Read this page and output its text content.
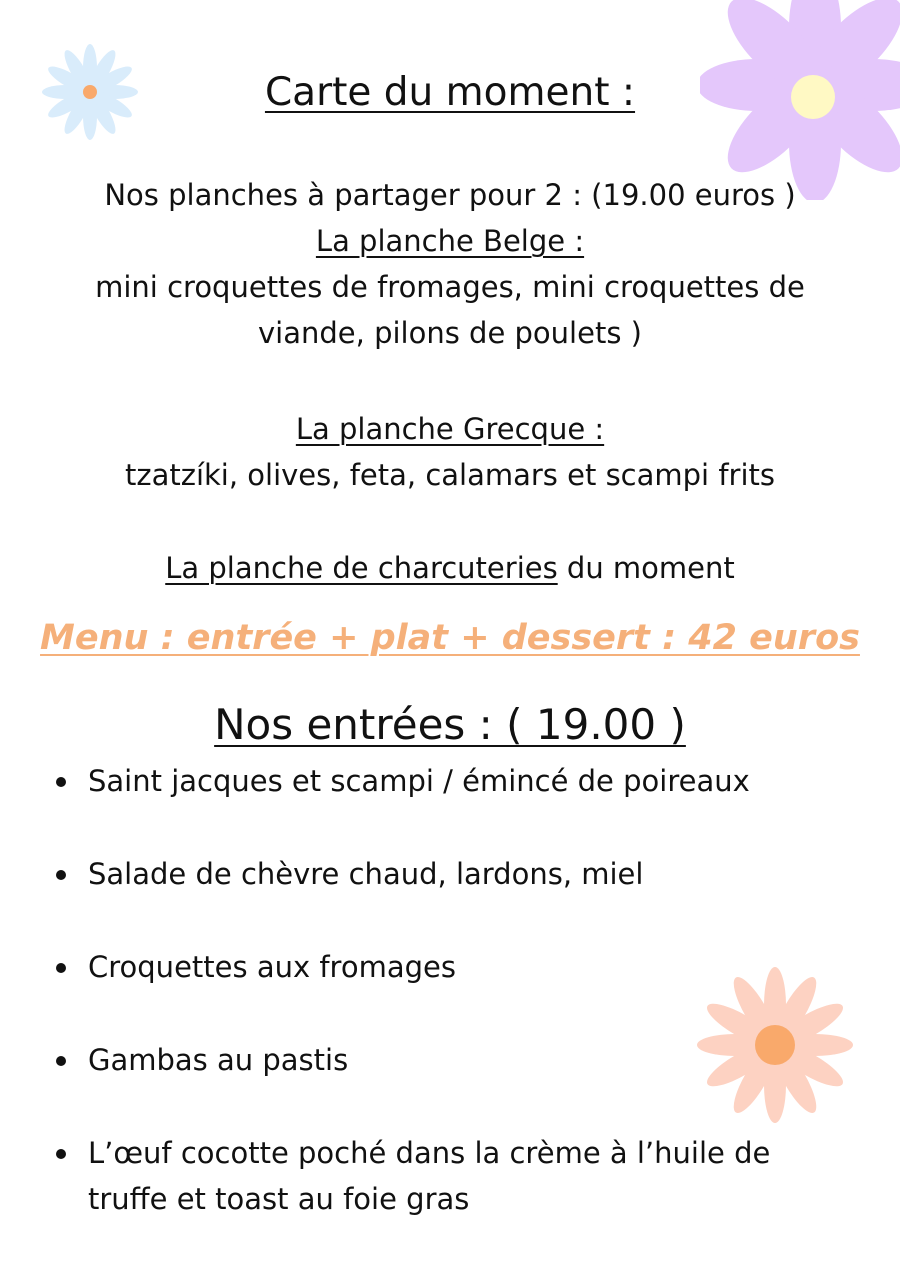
Carte du moment :
Nos planches à partager pour 2 : (19.00 euros )
La planche Belge :
mini croquettes de fromages, mini croquettes de viande, pilons de poulets )
La planche Grecque :
tzatzíki, olives, feta, calamars et scampi frits
La planche de charcuteries du moment
Menu : entrée + plat + dessert : 42 euros
Nos entrées : ( 19.00 )
Saint jacques et scampi / émincé de poireaux
Salade de chèvre chaud, lardons, miel
Croquettes aux fromages
Gambas au pastis
L’œuf cocotte poché dans la crème à l’huile de truffe et toast au foie gras
